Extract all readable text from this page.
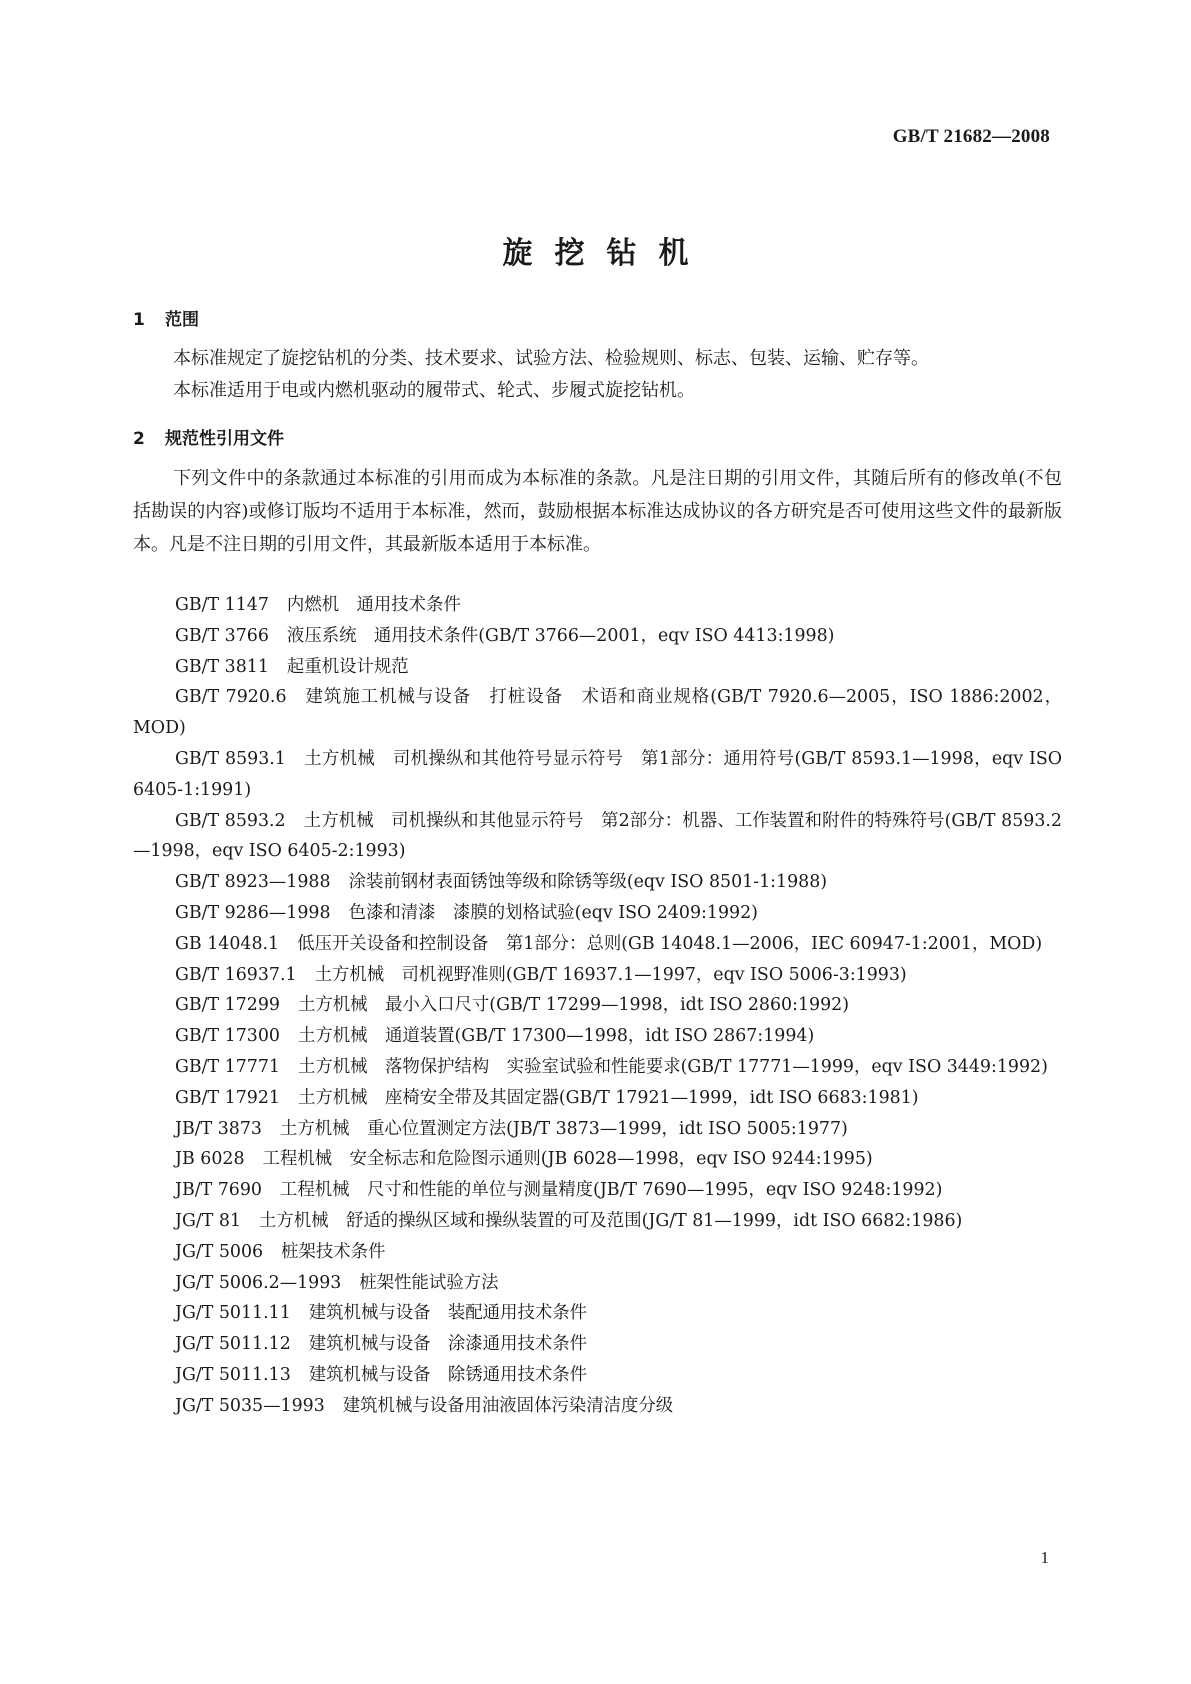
GB/T 21682—2008
旋挖钻机
1 范围

本标准规定了旋挖钻机的分类、技术要求、试验方法、检验规则、标志、包装、运输、贮存等。

本标准适用于电或内燃机驱动的履带式、轮式、步履式旋挖钻机。

2 规范性引用文件

下列文件中的条款通过本标准的引用而成为本标准的条款。凡是注日期的引用文件，其随后所有的修改单(不包括勘误的内容)或修订版均不适用于本标准，然而，鼓励根据本标准达成协议的各方研究是否可使用这些文件的最新版本。凡是不注日期的引用文件，其最新版本适用于本标准。

GB/T 1147 内燃机　通用技术条件

GB/T 3766 液压系统　通用技术条件(GB/T 3766—2001，eqv ISO 4413:1998)

GB/T 3811 起重机设计规范

GB/T 7920.6 建筑施工机械与设备　打桩设备　术语和商业规格(GB/T 7920.6—2005，ISO 1886:2002，MOD)

GB/T 8593.1 土方机械　司机操纵和其他符号显示符号　第1部分：通用符号(GB/T 8593.1—1998，eqv ISO 6405-1:1991)

GB/T 8593.2 土方机械　司机操纵和其他显示符号　第2部分：机器、工作装置和附件的特殊符号(GB/T 8593.2—1998，eqv ISO 6405-2:1993)

GB/T 8923—1988 涂装前钢材表面锈蚀等级和除锈等级(eqv ISO 8501-1:1988)

GB/T 9286—1998 色漆和清漆　漆膜的划格试验(eqv ISO 2409:1992)

GB 14048.1 低压开关设备和控制设备　第1部分：总则(GB 14048.1—2006，IEC 60947-1:2001，MOD)

GB/T 16937.1 土方机械　司机视野准则(GB/T 16937.1—1997，eqv ISO 5006-3:1993)

GB/T 17299 土方机械　最小入口尺寸(GB/T 17299—1998，idt ISO 2860:1992)

GB/T 17300 土方机械　通道装置(GB/T 17300—1998，idt ISO 2867:1994)

GB/T 17771 土方机械　落物保护结构　实验室试验和性能要求(GB/T 17771—1999，eqv ISO 3449:1992)

GB/T 17921 土方机械　座椅安全带及其固定器(GB/T 17921—1999，idt ISO 6683:1981)

JB/T 3873 土方机械　重心位置测定方法(JB/T 3873—1999，idt ISO 5005:1977)

JB 6028 工程机械　安全标志和危险图示通则(JB 6028—1998，eqv ISO 9244:1995)

JB/T 7690 工程机械　尺寸和性能的单位与测量精度(JB/T 7690—1995，eqv ISO 9248:1992)

JG/T 81 土方机械　舒适的操纵区域和操纵装置的可及范围(JG/T 81—1999，idt ISO 6682:1986)

JG/T 5006 桩架技术条件

JG/T 5006.2—1993 桩架性能试验方法

JG/T 5011.11 建筑机械与设备　装配通用技术条件

JG/T 5011.12 建筑机械与设备　涂漆通用技术条件

JG/T 5011.13 建筑机械与设备　除锈通用技术条件

JG/T 5035—1993 建筑机械与设备用油液固体污染清洁度分级

1
